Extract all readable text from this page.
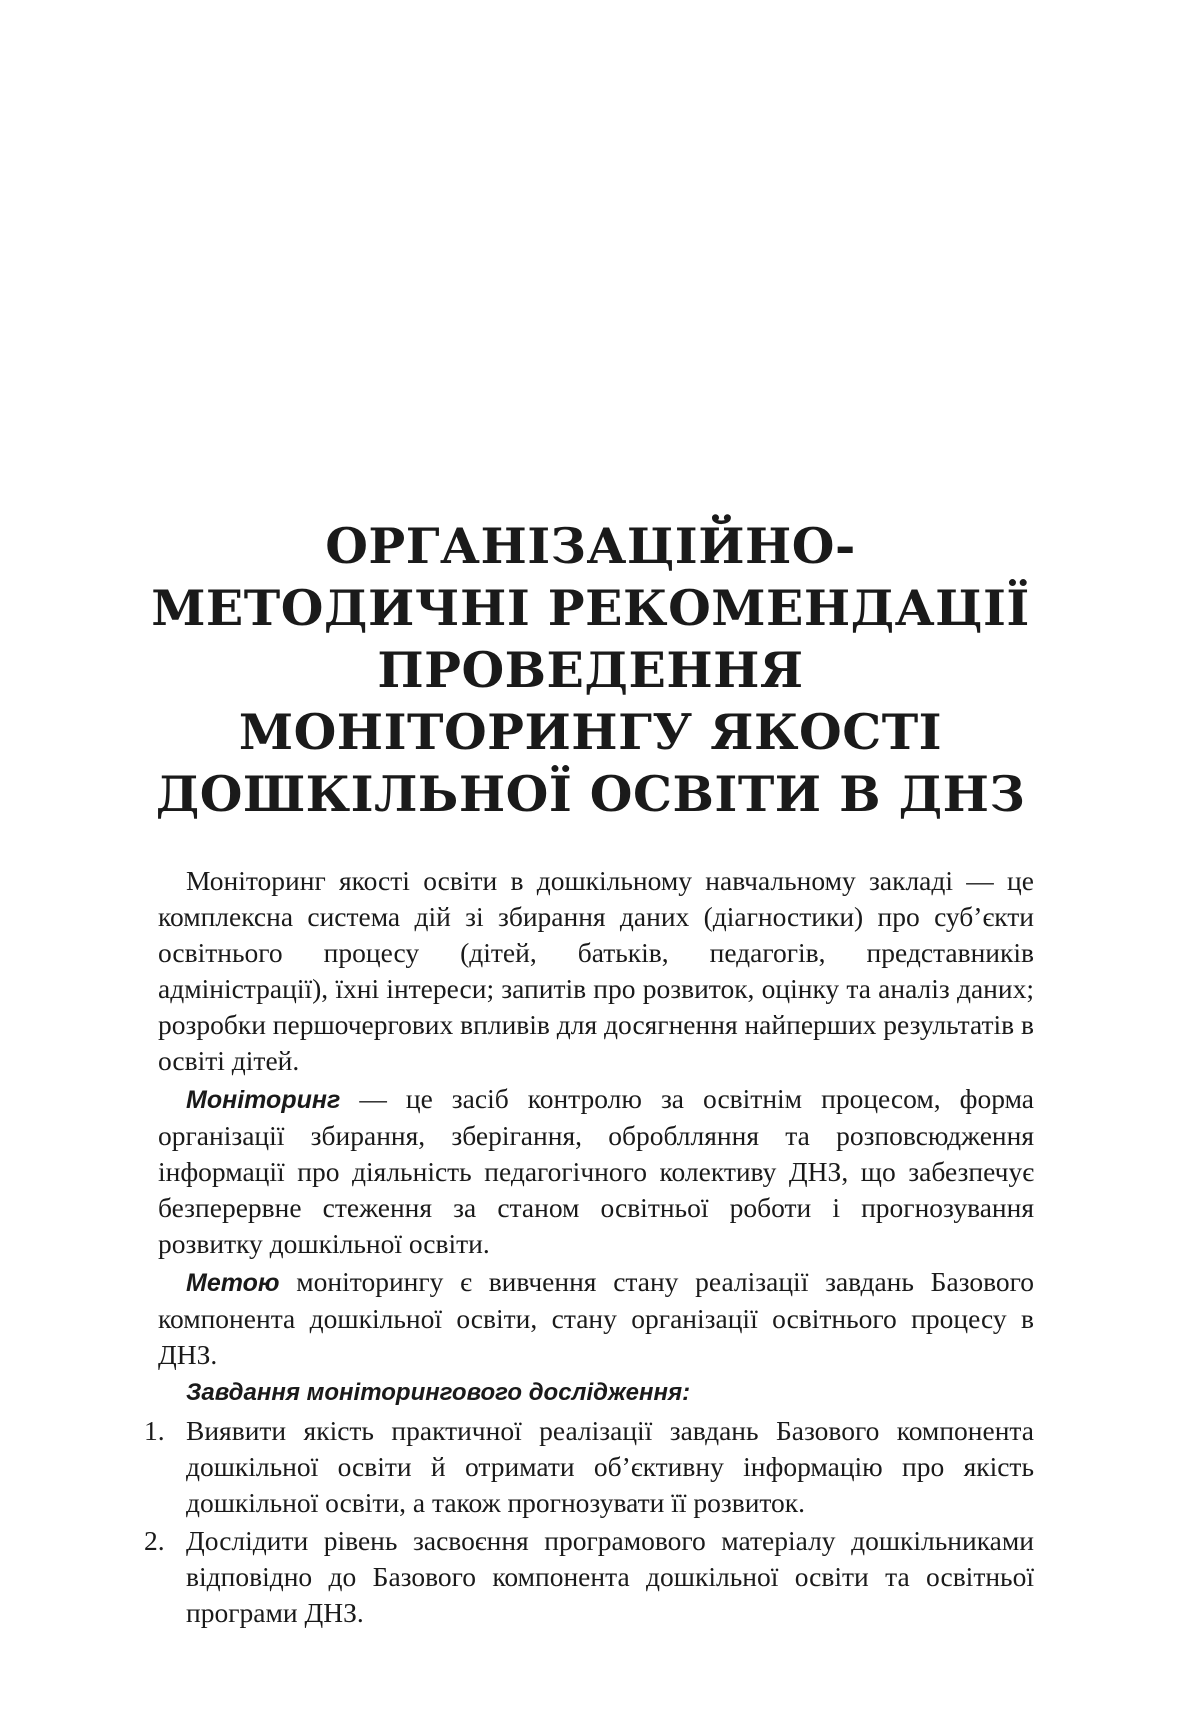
ОРГАНІЗАЦІЙНО-
МЕТОДИЧНІ РЕКОМЕНДАЦІЇ
ПРОВЕДЕННЯ
МОНІТОРИНГУ ЯКОСТІ
ДОШКІЛЬНОЇ ОСВІТИ В ДНЗ

Моніторинг якості освіти в дошкільному навчальному закладі — це комплексна система дій зі збирання даних (діагностики) про суб’єкти освітнього процесу (дітей, батьків, педагогів, представників адміністрації), їхні інтереси; запитів про розвиток, оцінку та аналіз даних; розробки першочергових впливів для досягнення найперших результатів в освіті дітей.

Моніторинг — це засіб контролю за освітнім процесом, форма організації збирання, зберігання, оброблляння та розповсюдження інформації про діяльність педагогічного колективу ДНЗ, що забезпечує безперервне стеження за станом освітньої роботи і прогнозування розвитку дошкільної освіти.

Метою моніторингу є вивчення стану реалізації завдань Базового компонента дошкільної освіти, стану організації освітнього процесу в ДНЗ.

Завдання моніторингового дослідження:
1. Виявити якість практичної реалізації завдань Базового компонента дошкільної освіти й отримати об’єктивну інформацію про якість дошкільної освіти, а також прогнозувати її розвиток.
2. Дослідити рівень засвоєння програмового матеріалу дошкільниками відповідно до Базового компонента дошкільної освіти та освітньої програми ДНЗ.
